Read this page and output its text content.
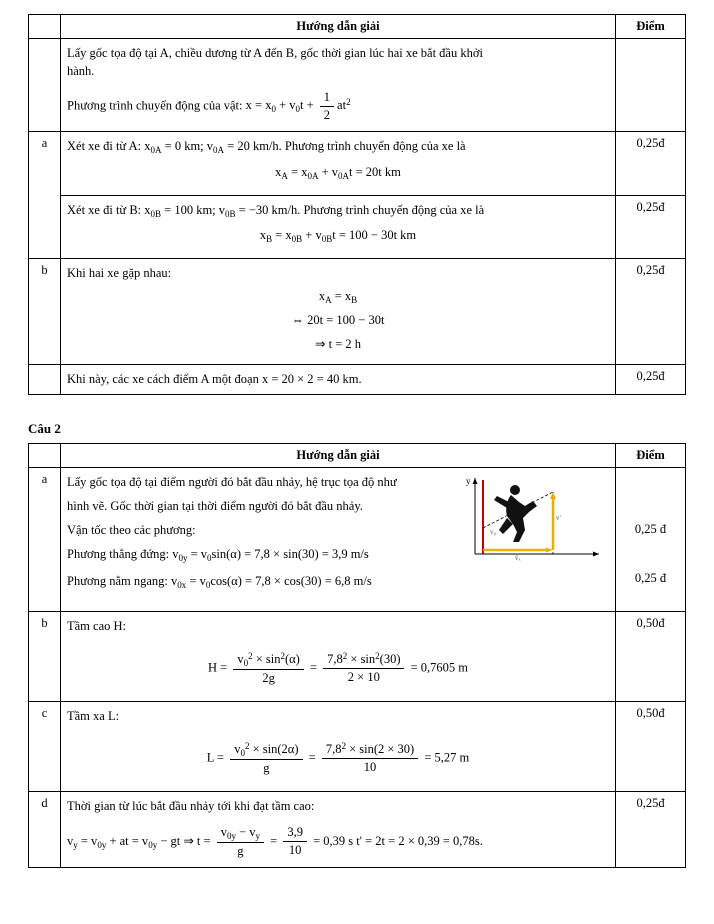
	Hướng dẫn giải	Điểm

Lấy gốc tọa độ tại A, chiều dương từ A đến B, gốc thời gian lúc hai xe bắt đầu khởi
hành.
Phương trình chuyển động của vật: $x = x_0 + v_0t + \frac{1}{2} at^2$

a	Xét xe đi từ A: $x_{0A} = 0$ km; $v_{0A} = 20$ km/h. Phương trình chuyển động của xe là
$x_A = x_{0A} + v_{0A}t = 20t$ km	0,25đ

	Xét xe đi từ B: $x_{0B} = 100$ km; $v_{0B} = -30$ km/h. Phương trình chuyển động của xe là
$x_B = x_{0B} + v_{0B}t = 100 - 30t$ km	0,25đ
b	Khi hai xe gặp nhau:
$x_A = x_B$
⇔ 20t = 100 − 30t
⇒ t = 2 h	0,25đ

	Khi này, các xe cách điểm A một đoạn x = 20 × 2 = 40 km.	0,25đ
Câu 2
	Hướng dẫn giải	Điểm
a	y
v₀
v'
v̄ₓ
Lấy gốc tọa độ tại điểm người đó bắt đầu nhảy, hệ trục tọa độ như
hình vẽ. Gốc thời gian tại thời điểm người đó bắt đầu nhảy.
Vận tốc theo các phương:
Phương thẳng đứng: $v_{0y} = v_0\sin(\alpha) = 7,8 \times \sin(30) = 3,9$ m/s
Phương nằm ngang: $v_{0x} = v_0\cos(\alpha) = 7,8 \times \cos(30) = 6,8$ m/s

0,25 đ
0,25 đ

b	Tầm cao H:
$H = \frac{v_0^2 \times \sin^2(\alpha)}{2g} = \frac{7,8^2 \times \sin^2(30)}{2 \times 10} = 0,7605$ m
	0,50đ
c	Tầm xa L:
$L = \frac{v_0^2 \times \sin(2\alpha)}{g} = \frac{7,8^2 \times \sin(2 \times 30)}{10} = 5,27$ m
	0,50đ
d	Thời gian từ lúc bắt đầu nhảy tới khi đạt tầm cao:
$v_y = v_{0y}$ + at = $v_{0y}$ − gt ⇒ $t = \frac{v_{0y} - v_y}{g} = \frac{3,9}{10} = 0,39$ s t' = 2t = 2 × 0,39 = 0,78s.
	0,25đ
